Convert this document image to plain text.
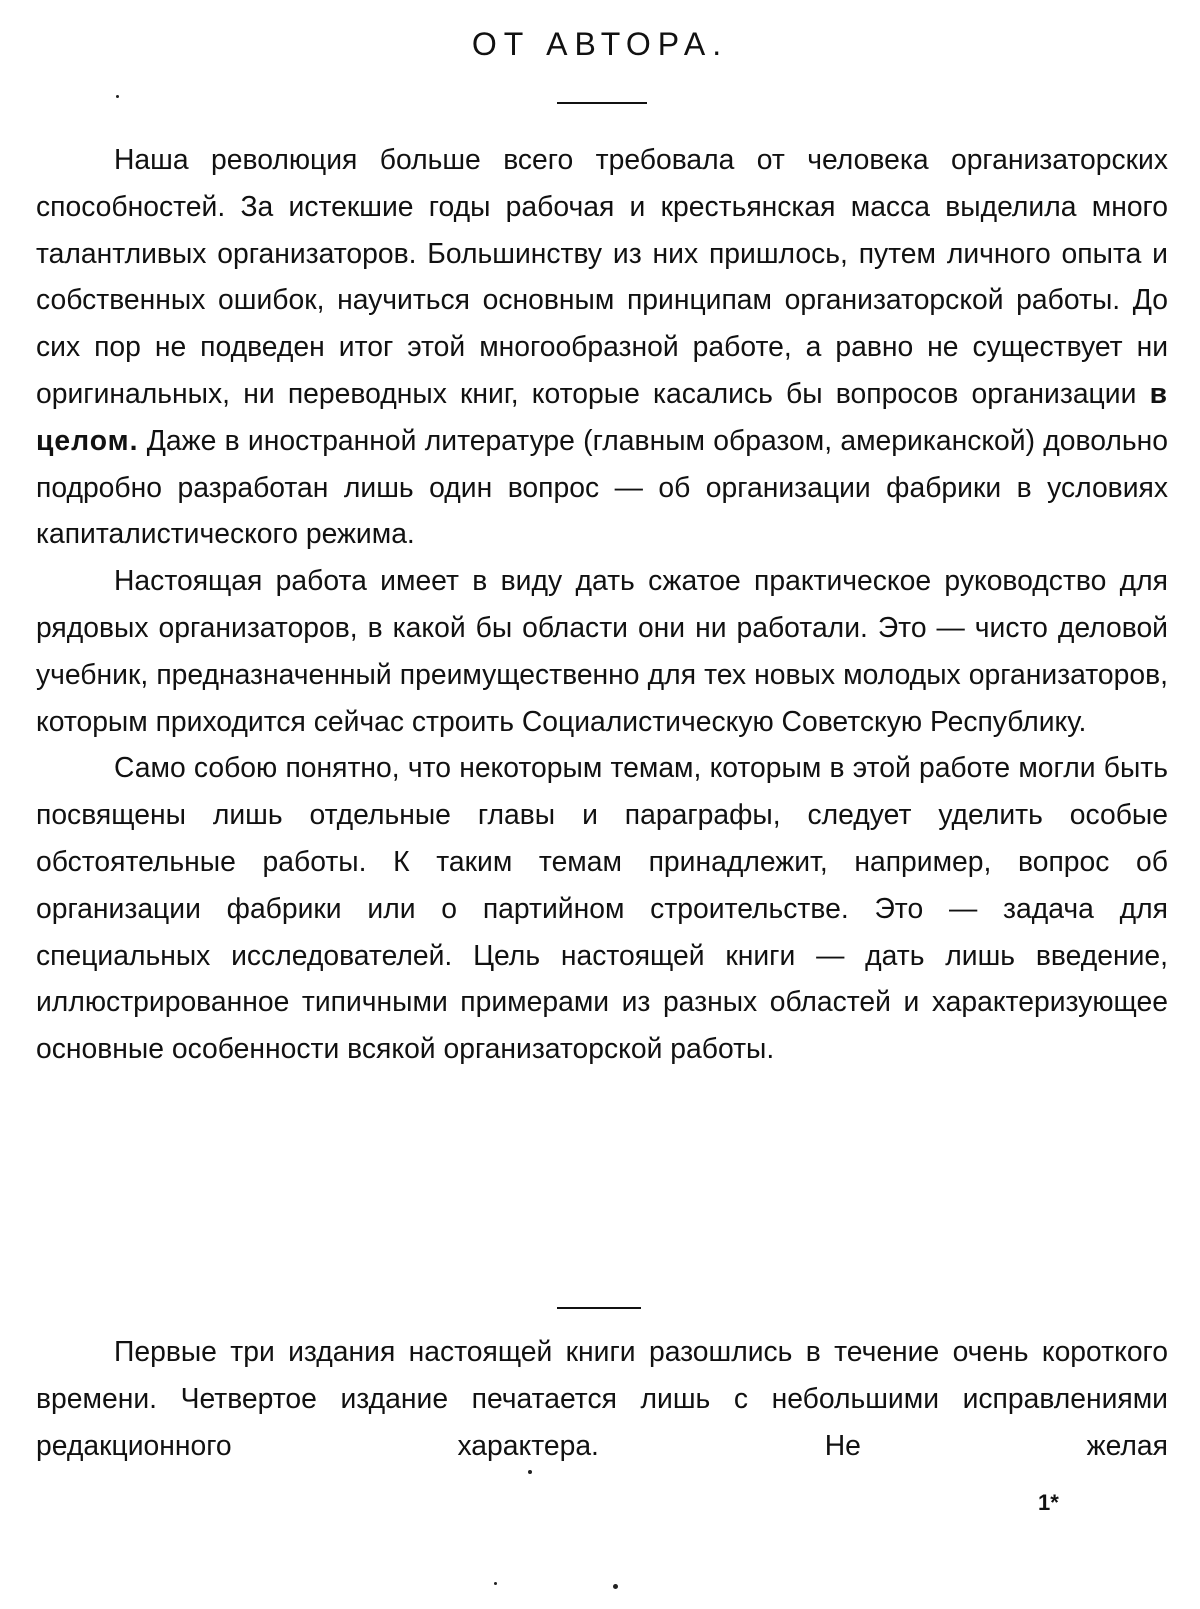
ОТ АВТОРА.

Наша революция больше всего требовала от человека организаторских способностей. За истекшие годы рабочая и крестьянская масса выделила много талантливых организаторов. Большинству из них пришлось, путем личного опыта и собственных ошибок, научиться основным принципам организаторской работы. До сих пор не подведен итог этой многообразной работе, а равно не существует ни оригинальных, ни переводных книг, которые касались бы вопросов организации в целом. Даже в иностранной литературе (главным образом, американской) довольно подробно разработан лишь один вопрос — об организации фабрики в условиях капиталистического режима.

Настоящая работа имеет в виду дать сжатое практическое руководство для рядовых организаторов, в какой бы области они ни работали. Это — чисто деловой учебник, предназначенный преимущественно для тех новых молодых организаторов, которым приходится сейчас строить Социалистическую Советскую Республику.

Само собою понятно, что некоторым темам, которым в этой работе могли быть посвящены лишь отдельные главы и параграфы, следует уделить особые обстоятельные работы. К таким темам принадлежит, например, вопрос об организации фабрики или о партийном строительстве. Это — задача для специальных исследователей. Цель настоящей книги — дать лишь введение, иллюстрированное типичными примерами из разных областей и характеризующее основные особенности всякой организаторской работы.

Первые три издания настоящей книги разошлись в течение очень короткого времени. Четвертое издание печатается лишь с небольшими исправлениями редакционного характера. Не желая

1*
